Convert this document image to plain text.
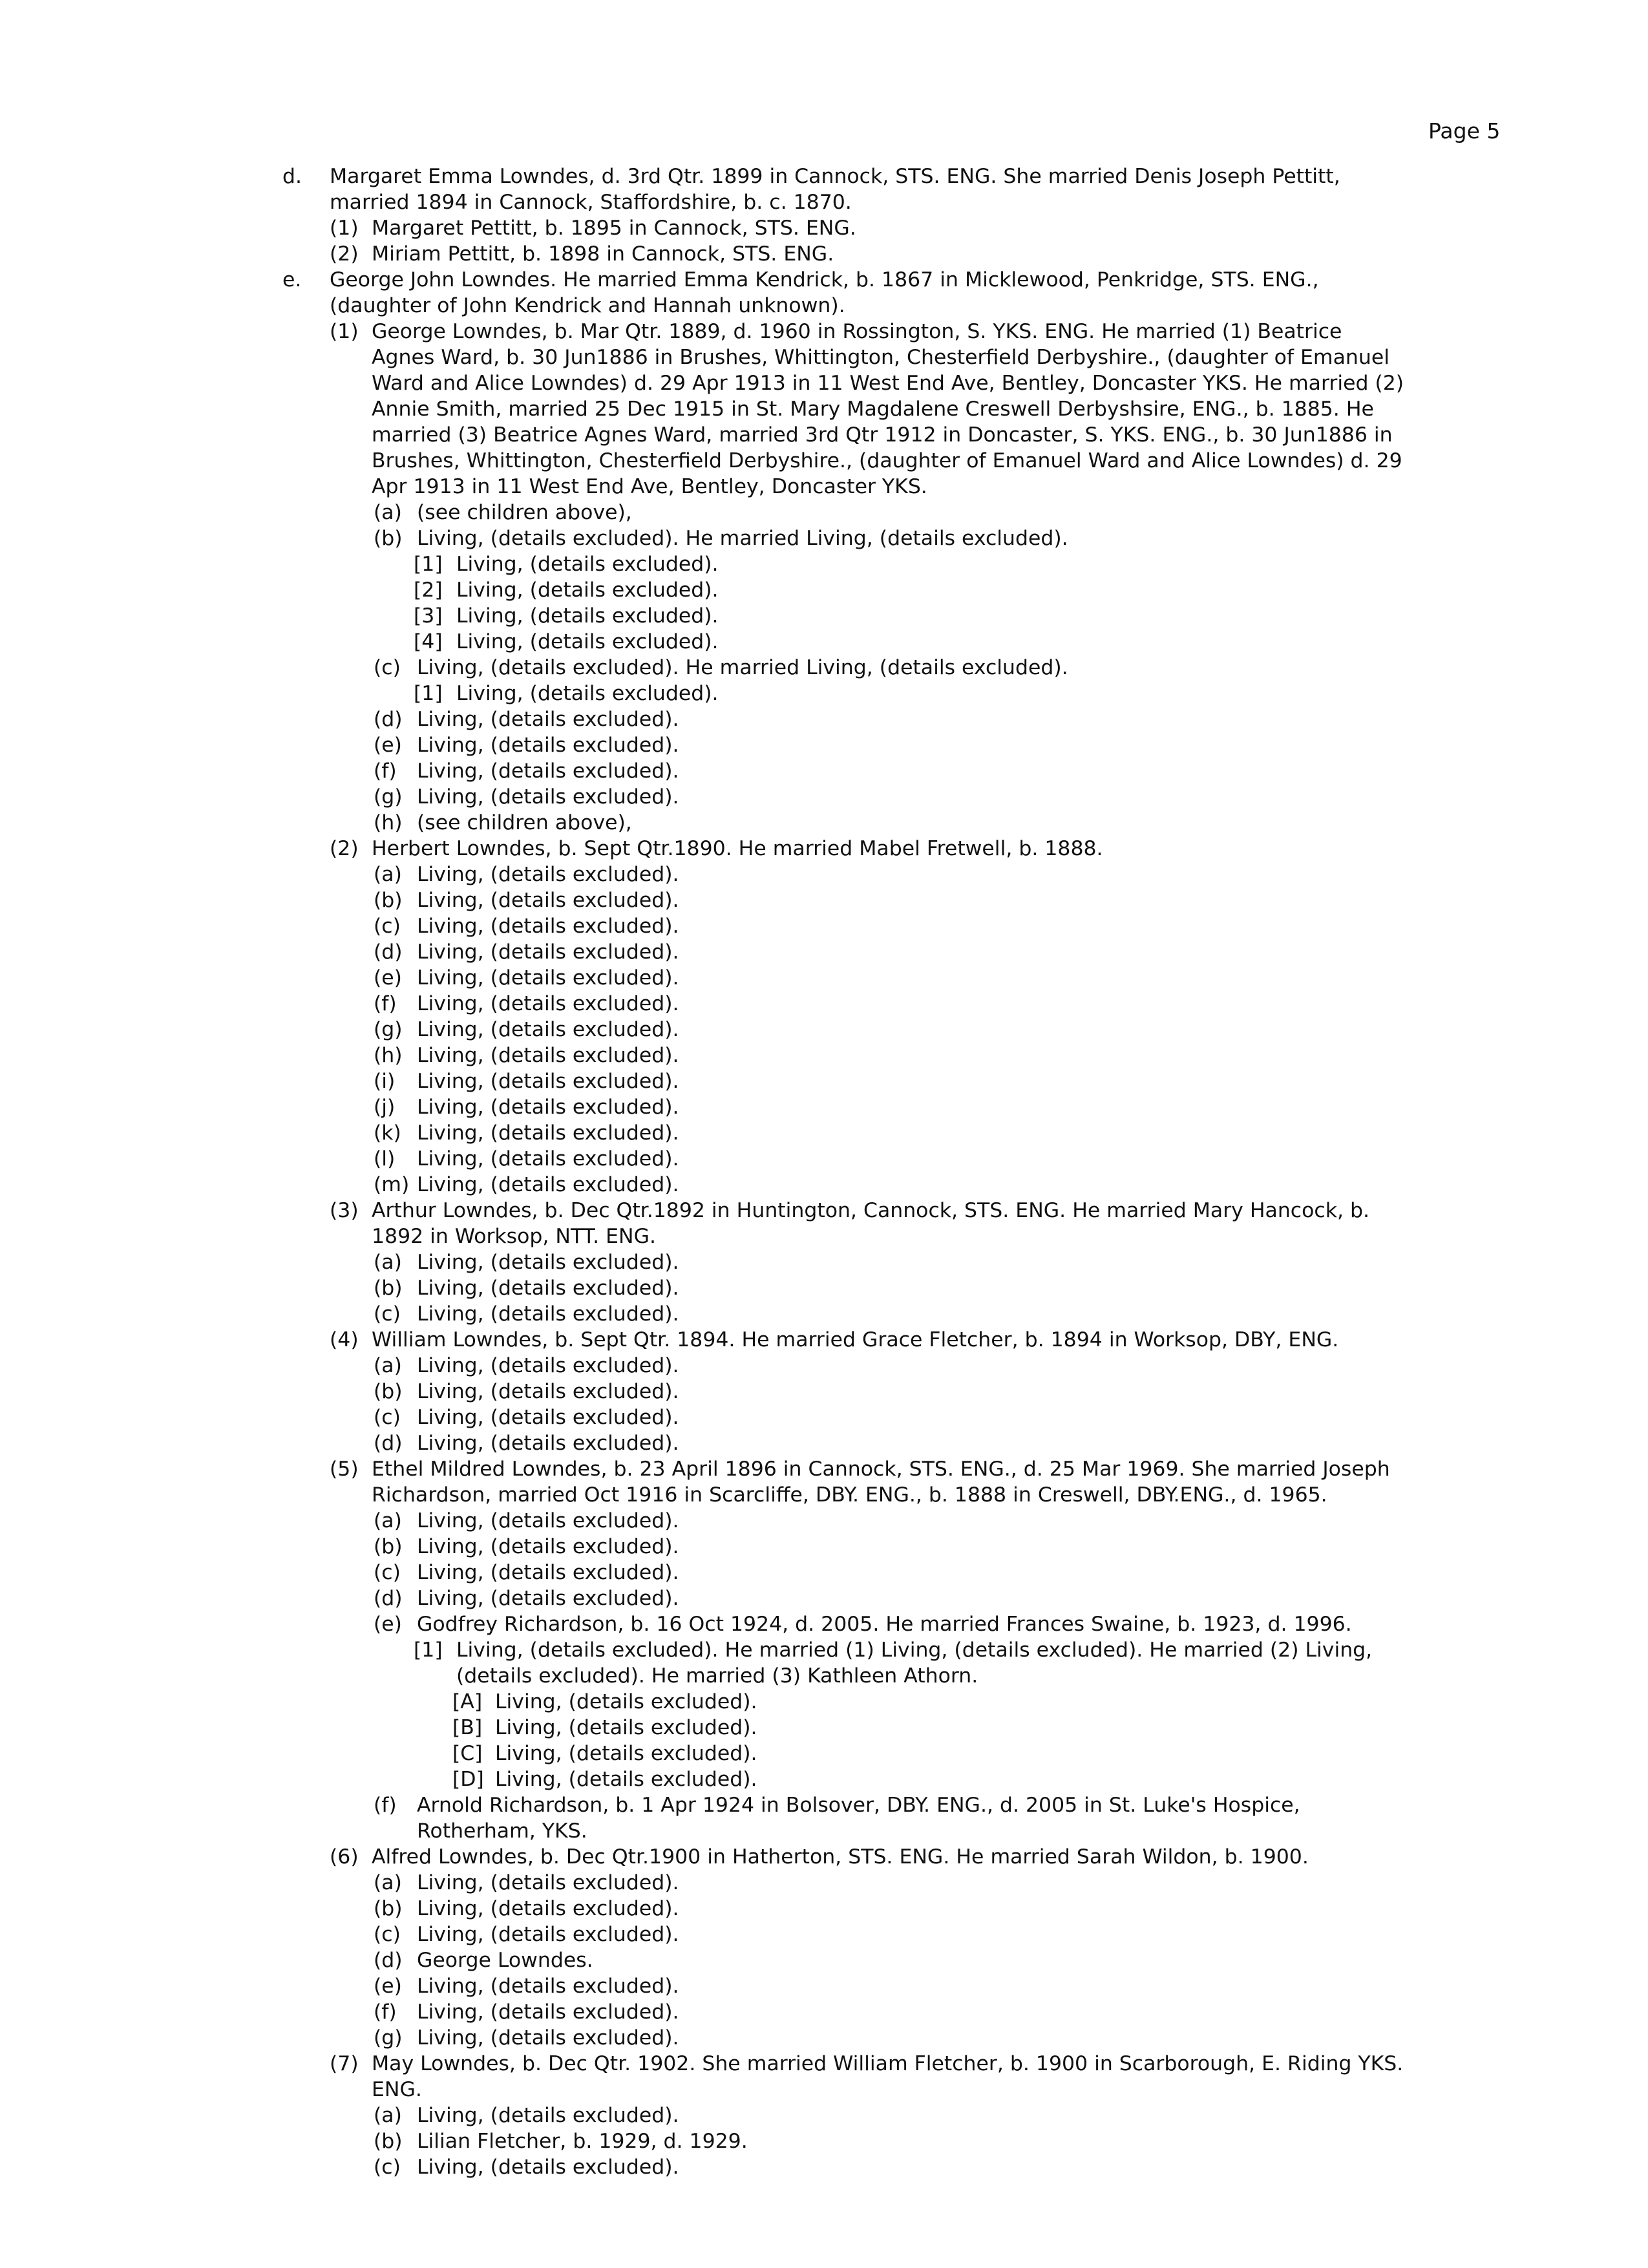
Page 5
d. Margaret Emma Lowndes, d. 3rd Qtr. 1899 in Cannock, STS. ENG. She married Denis Joseph Pettitt,
married 1894 in Cannock, Staffordshire, b. c. 1870.
(1) Margaret Pettitt, b. 1895 in Cannock, STS. ENG.
(2) Miriam Pettitt, b. 1898 in Cannock, STS. ENG.
e. George John Lowndes. He married Emma Kendrick, b. 1867 in Micklewood, Penkridge, STS. ENG.,
(daughter of John Kendrick and Hannah unknown).
(1) George Lowndes, b. Mar Qtr. 1889, d. 1960 in Rossington, S. YKS. ENG. He married (1) Beatrice
Agnes Ward, b. 30 Jun1886 in Brushes, Whittington, Chesterfield Derbyshire., (daughter of Emanuel
Ward and Alice Lowndes) d. 29 Apr 1913 in 11 West End Ave, Bentley, Doncaster YKS. He married (2)
Annie Smith, married 25 Dec 1915 in St. Mary Magdalene Creswell Derbyshsire, ENG., b. 1885. He
married (3) Beatrice Agnes Ward, married 3rd Qtr 1912 in Doncaster, S. YKS. ENG., b. 30 Jun1886 in
Brushes, Whittington, Chesterfield Derbyshire., (daughter of Emanuel Ward and Alice Lowndes) d. 29
Apr 1913 in 11 West End Ave, Bentley, Doncaster YKS.
(a) (see children above),
(b) Living, (details excluded). He married Living, (details excluded).
[1] Living, (details excluded).
[2] Living, (details excluded).
[3] Living, (details excluded).
[4] Living, (details excluded).
(c) Living, (details excluded). He married Living, (details excluded).
[1] Living, (details excluded).
(d) Living, (details excluded).
(e) Living, (details excluded).
(f) Living, (details excluded).
(g) Living, (details excluded).
(h) (see children above),
(2) Herbert Lowndes, b. Sept Qtr.1890. He married Mabel Fretwell, b. 1888.
(a) Living, (details excluded).
(b) Living, (details excluded).
(c) Living, (details excluded).
(d) Living, (details excluded).
(e) Living, (details excluded).
(f) Living, (details excluded).
(g) Living, (details excluded).
(h) Living, (details excluded).
(i) Living, (details excluded).
(j) Living, (details excluded).
(k) Living, (details excluded).
(l) Living, (details excluded).
(m) Living, (details excluded).
(3) Arthur Lowndes, b. Dec Qtr.1892 in Huntington, Cannock, STS. ENG. He married Mary Hancock, b.
1892 in Worksop, NTT. ENG.
(a) Living, (details excluded).
(b) Living, (details excluded).
(c) Living, (details excluded).
(4) William Lowndes, b. Sept Qtr. 1894. He married Grace Fletcher, b. 1894 in Worksop, DBY, ENG.
(a) Living, (details excluded).
(b) Living, (details excluded).
(c) Living, (details excluded).
(d) Living, (details excluded).
(5) Ethel Mildred Lowndes, b. 23 April 1896 in Cannock, STS. ENG., d. 25 Mar 1969. She married Joseph
Richardson, married Oct 1916 in Scarcliffe, DBY. ENG., b. 1888 in Creswell, DBY.ENG., d. 1965.
(a) Living, (details excluded).
(b) Living, (details excluded).
(c) Living, (details excluded).
(d) Living, (details excluded).
(e) Godfrey Richardson, b. 16 Oct 1924, d. 2005. He married Frances Swaine, b. 1923, d. 1996.
[1] Living, (details excluded). He married (1) Living, (details excluded). He married (2) Living,
(details excluded). He married (3) Kathleen Athorn.
[A] Living, (details excluded).
[B] Living, (details excluded).
[C] Living, (details excluded).
[D] Living, (details excluded).
(f) Arnold Richardson, b. 1 Apr 1924 in Bolsover, DBY. ENG., d. 2005 in St. Luke's Hospice,
Rotherham, YKS.
(6) Alfred Lowndes, b. Dec Qtr.1900 in Hatherton, STS. ENG. He married Sarah Wildon, b. 1900.
(a) Living, (details excluded).
(b) Living, (details excluded).
(c) Living, (details excluded).
(d) George Lowndes.
(e) Living, (details excluded).
(f) Living, (details excluded).
(g) Living, (details excluded).
(7) May Lowndes, b. Dec Qtr. 1902. She married William Fletcher, b. 1900 in Scarborough, E. Riding YKS.
ENG.
(a) Living, (details excluded).
(b) Lilian Fletcher, b. 1929, d. 1929.
(c) Living, (details excluded).
